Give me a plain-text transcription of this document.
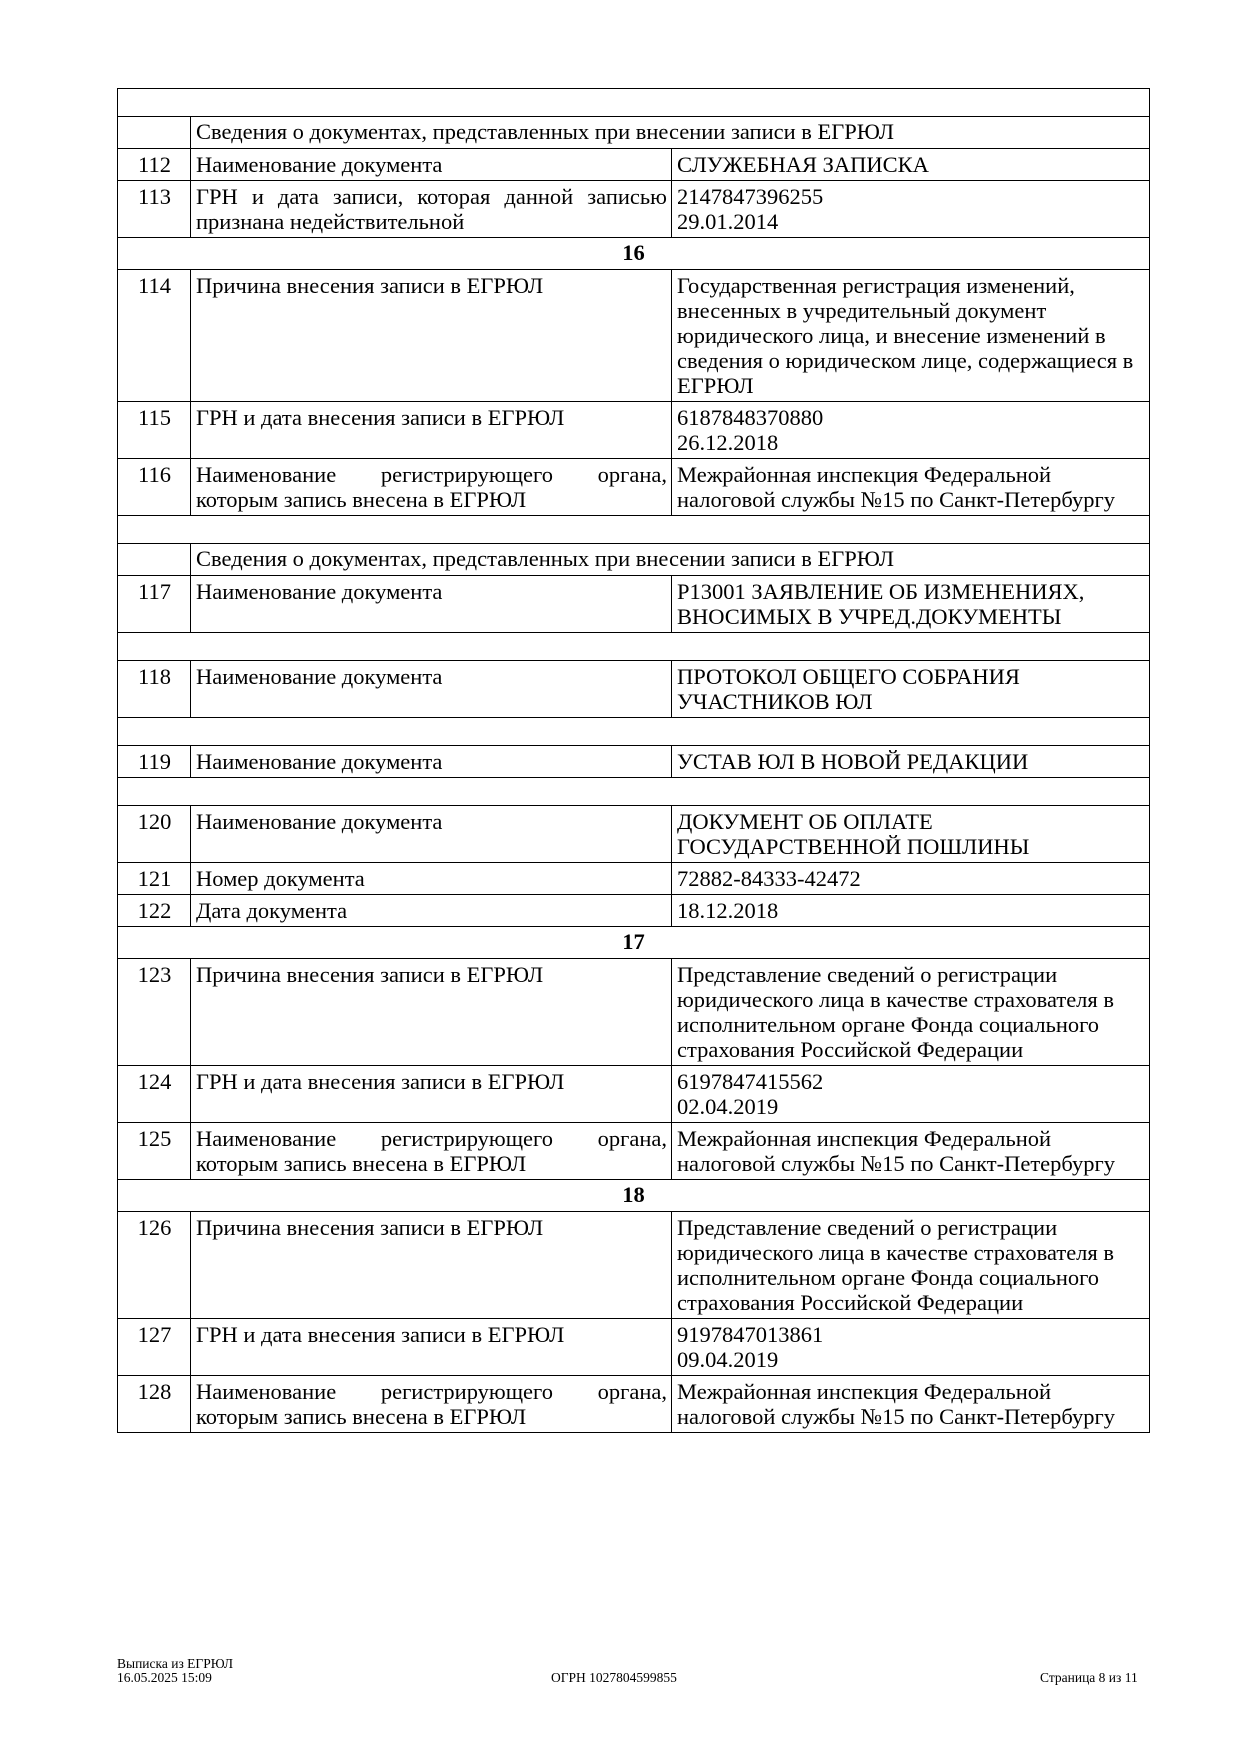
	Сведения о документах, представленных при внесении записи в ЕГРЮЛ	
112	Наименование документа	СЛУЖЕБНАЯ ЗАПИСКА
113	ГРН и дата записи, которая данной записью признана недействительной	2147847396255
29.01.2014
16		
114	Причина внесения записи в ЕГРЮЛ	Государственная регистрация изменений, внесенных в учредительный документ юридического лица, и внесение изменений в сведения о юридическом лице, содержащиеся в ЕГРЮЛ
115	ГРН и дата внесения записи в ЕГРЮЛ	6187848370880
26.12.2018
116	Наименование регистрирующего органа, которым запись внесена в ЕГРЮЛ	Межрайонная инспекция Федеральной налоговой службы №15 по Санкт-Петербургу

	Сведения о документах, представленных при внесении записи в ЕГРЮЛ	
117	Наименование документа	Р13001 ЗАЯВЛЕНИЕ ОБ ИЗМЕНЕНИЯХ, ВНОСИМЫХ В УЧРЕД.ДОКУМЕНТЫ

118	Наименование документа	ПРОТОКОЛ ОБЩЕГО СОБРАНИЯ УЧАСТНИКОВ ЮЛ

119	Наименование документа	УСТАВ ЮЛ В НОВОЙ РЕДАКЦИИ

120	Наименование документа	ДОКУМЕНТ ОБ ОПЛАТЕ ГОСУДАРСТВЕННОЙ ПОШЛИНЫ
121	Номер документа	72882-84333-42472
122	Дата документа	18.12.2018
17		
123	Причина внесения записи в ЕГРЮЛ	Представление сведений о регистрации юридического лица в качестве страхователя в исполнительном органе Фонда социального страхования Российской Федерации
124	ГРН и дата внесения записи в ЕГРЮЛ	6197847415562
02.04.2019
125	Наименование регистрирующего органа, которым запись внесена в ЕГРЮЛ	Межрайонная инспекция Федеральной налоговой службы №15 по Санкт-Петербургу
18		
126	Причина внесения записи в ЕГРЮЛ	Представление сведений о регистрации юридического лица в качестве страхователя в исполнительном органе Фонда социального страхования Российской Федерации
127	ГРН и дата внесения записи в ЕГРЮЛ	9197847013861
09.04.2019
128	Наименование регистрирующего органа, которым запись внесена в ЕГРЮЛ	Межрайонная инспекция Федеральной налоговой службы №15 по Санкт-Петербургу
Выписка из ЕГРЮЛ
16.05.2025 15:09	ОГРН 1027804599855	Страница 8 из 11
